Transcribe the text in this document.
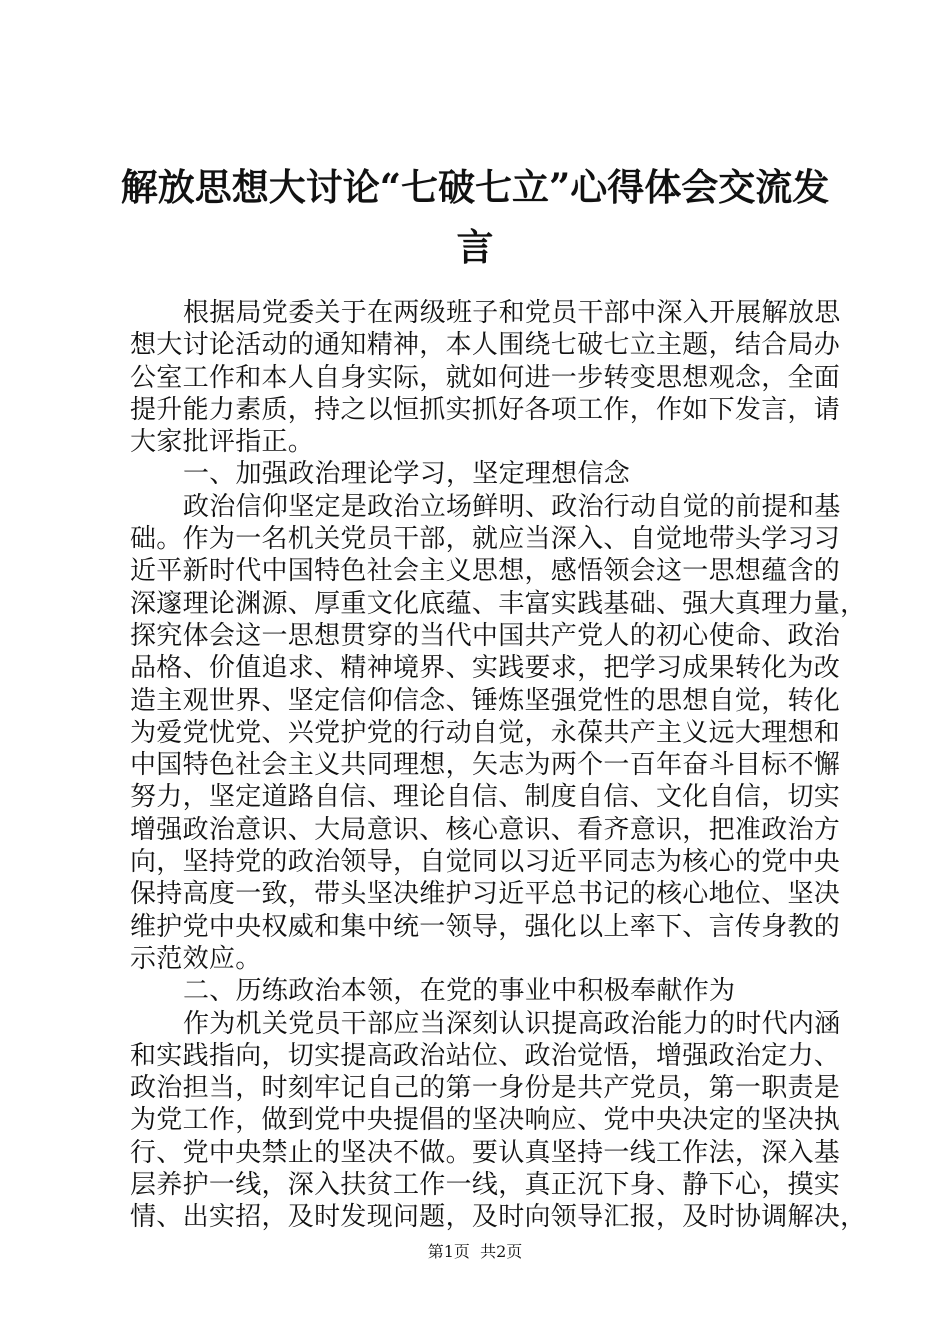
解放思想大讨论“七破七立”心得体会交流发
言
根据局党委关于在两级班子和党员干部中深入开展解放思
想大讨论活动的通知精神，本人围绕七破七立主题，结合局办
公室工作和本人自身实际，就如何进一步转变思想观念，全面
提升能力素质，持之以恒抓实抓好各项工作，作如下发言，请
大家批评指正。
一、加强政治理论学习，坚定理想信念
政治信仰坚定是政治立场鲜明、政治行动自觉的前提和基
础。作为一名机关党员干部，就应当深入、自觉地带头学习习
近平新时代中国特色社会主义思想，感悟领会这一思想蕴含的
深邃理论渊源、厚重文化底蕴、丰富实践基础、强大真理力量，
探究体会这一思想贯穿的当代中国共产党人的初心使命、政治
品格、价值追求、精神境界、实践要求，把学习成果转化为改
造主观世界、坚定信仰信念、锤炼坚强党性的思想自觉，转化
为爱党忧党、兴党护党的行动自觉，永葆共产主义远大理想和
中国特色社会主义共同理想，矢志为两个一百年奋斗目标不懈
努力，坚定道路自信、理论自信、制度自信、文化自信，切实
增强政治意识、大局意识、核心意识、看齐意识，把准政治方
向，坚持党的政治领导，自觉同以习近平同志为核心的党中央
保持高度一致，带头坚决维护习近平总书记的核心地位、坚决
维护党中央权威和集中统一领导，强化以上率下、言传身教的
示范效应。
二、历练政治本领，在党的事业中积极奉献作为
作为机关党员干部应当深刻认识提高政治能力的时代内涵
和实践指向，切实提高政治站位、政治觉悟，增强政治定力、
政治担当，时刻牢记自己的第一身份是共产党员，第一职责是
为党工作，做到党中央提倡的坚决响应、党中央决定的坚决执
行、党中央禁止的坚决不做。要认真坚持一线工作法，深入基
层养护一线，深入扶贫工作一线，真正沉下身、静下心，摸实
情、出实招，及时发现问题，及时向领导汇报，及时协调解决，
第1页  共2页
